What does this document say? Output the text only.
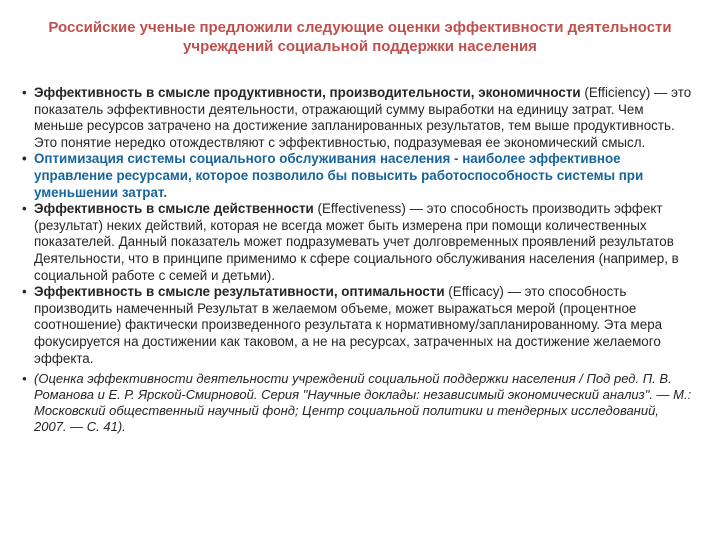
Российские ученые предложили следующие оценки эффективности деятельности
учреждений социальной поддержки населения

• Эффективность в смысле продуктивности, производительности, экономичности (Efficiency) — это показатель эффективности деятельности, отражающий сумму выработки на единицу затрат. Чем меньше ресурсов затрачено на достижение запланированных результатов, тем выше продуктивность. Это понятие нередко отождествляют с эффективностью, подразумевая ее экономический смысл.

• Оптимизация системы социального обслуживания населения - наиболее эффективное управление ресурсами, которое позволило бы повысить работоспособность системы при уменьшении затрат.

• Эффективность в смысле действенности (Effectiveness) — это способность производить эффект (результат) неких действий, которая не всегда может быть измерена при помощи количественных показателей. Данный показатель может подразумевать учет долговременных проявлений результатов Деятельности, что в принципе применимо к сфере социального обслуживания населения (например, в социальной работе с семей и детьми).

• Эффективность в смысле результативности, оптимальности (Efficacy) — это способность производить намеченный Результат в желаемом объеме, может выражаться мерой (процентное соотношение) фактически произведенного результата к нормативному/запланированному. Эта мера фокусируется на достижении как таковом, а не на ресурсах, затраченных на достижение желаемого эффекта.

• (Оценка эффективности деятельности учреждений социальной поддержки населения / Под ред. П. В. Романова и Е. Р. Ярской-Смирновой. Серия "Научные доклады: независимый экономический анализ". — М.: Московский общественный научный фонд; Центр социальной политики и тендерных исследований, 2007. — С. 41).
